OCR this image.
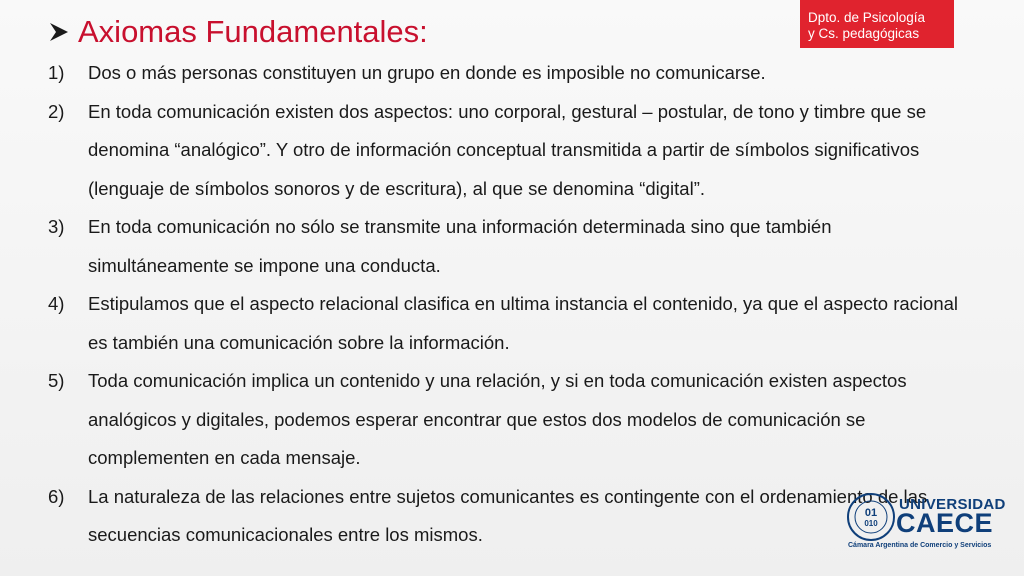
Axiomas Fundamentales:	Dpto. de Psicología
y Cs. pedagógicas
1) Dos o más personas constituyen un grupo en donde es imposible no comunicarse.
2) En toda comunicación existen dos aspectos: uno corporal, gestural – postular, de tono y timbre que se denomina “analógico”. Y otro de información conceptual transmitida a partir de símbolos significativos (lenguaje de símbolos sonoros y de escritura), al que se denomina “digital”.
3) En toda comunicación no sólo se transmite una información determinada sino que también simultáneamente se impone una conducta.
4) Estipulamos que el aspecto relacional clasifica en ultima instancia el contenido, ya que el aspecto racional es también una comunicación sobre la información.
5) Toda comunicación implica un contenido y una relación, y si en toda comunicación existen aspectos analógicos y digitales, podemos esperar encontrar que estos dos modelos de comunicación se complementen en cada mensaje.
6) La naturaleza de las relaciones entre sujetos comunicantes es contingente con el ordenamiento de las secuencias comunicacionales entre los mismos.
01
010
UNIVERSIDAD
CAECE
Cámara Argentina de Comercio y Servicios
